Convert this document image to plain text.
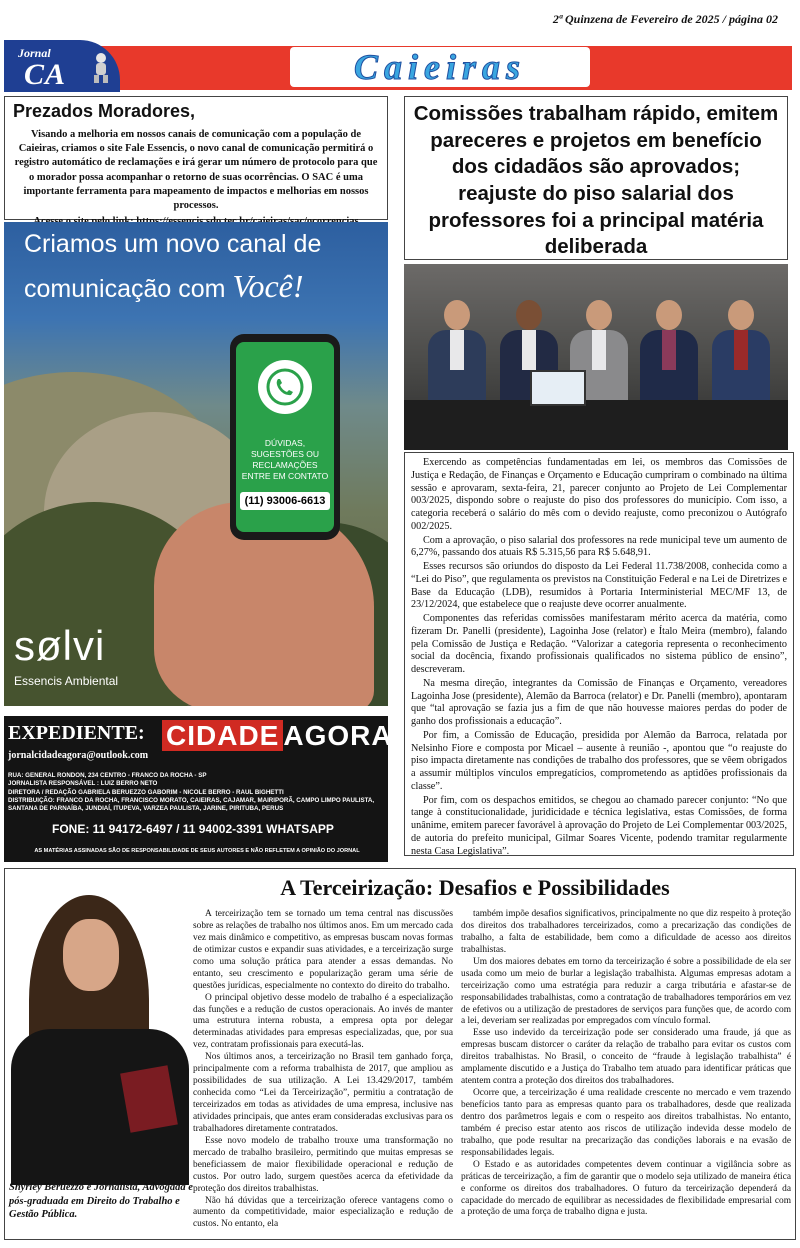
2ª Quinzena de Fevereiro de 2025 / página 02
Jornal
CA	Caieiras
Prezados Moradores,

Visando a melhoria em nossos canais de comunicação com a população de Caieiras, criamos o site Fale Essencis, o novo canal de comunicação permitirá o registro automático de reclamações e irá gerar um número de protocolo para que o morador possa acompanhar o retorno de suas ocorrências. O SAC é uma importante ferramenta para mapeamento de impactos e melhorias em nossos processos.

Criamos um novo canal de
comunicação com Você!
DÚVIDAS, SUGESTÕES OU RECLAMAÇÕES ENTRE EM CONTATO
(11) 93006-6613
sølvi
Essencis Ambiental
EXPEDIENTE:
jornalcidadeagora@outlook.com
CIDADE AGORA.
RUA: GENERAL RONDON, 234 CENTRO - FRANCO DA ROCHA - SP
JORNALISTA RESPONSÁVEL : LUIZ BERRO NETO
DIRETORA / REDAÇÃO GABRIELA BERUEZZO GABORIM - NICOLE BERRO - RAUL BIGHETTI
DISTRIBUIÇÃO: FRANCO DA ROCHA, FRANCISCO MORATO, CAIEIRAS, CAJAMAR, MAIRIPORÃ, CAMPO LIMPO PAULISTA, SANTANA DE PARNAÍBA, JUNDIAÍ, ITUPEVA, VARZEA PAULISTA, JARINE, PIRITUBA, PERUS
FONE: 11 94172-6497 / 11 94002-3391 WHATSAPP
AS MATÉRIAS ASSINADAS SÃO DE RESPONSABILIDADE DE SEUS AUTORES E NÃO REFLETEM A OPINIÃO DO JORNAL
Comissões trabalham rápido, emitem pareceres e projetos em benefício dos cidadãos são aprovados; reajuste do piso salarial dos professores foi a principal matéria deliberada

Exercendo as competências fundamentadas em lei, os membros das Comissões de Justiça e Redação, de Finanças e Orçamento e Educação cumpriram o combinado na última sessão e aprovaram, sexta-feira, 21, parecer conjunto ao Projeto de Lei Complementar 003/2025, dispondo sobre o reajuste do piso dos professores do município. Com isso, a categoria receberá o salário do mês com o devido reajuste, como preconizou o Autógrafo 002/2025.

Com a aprovação, o piso salarial dos professores na rede municipal teve um aumento de 6,27%, passando dos atuais R$ 5.315,56 para R$ 5.648,91.

Esses recursos são oriundos do disposto da Lei Federal 11.738/2008, conhecida como a “Lei do Piso”, que regulamenta os previstos na Constituição Federal e na Lei de Diretrizes e Base da Educação (LDB), resumidos à Portaria Interministerial MEC/MF 13, de 23/12/2024, que estabelece que o reajuste deve ocorrer anualmente.

Componentes das referidas comissões manifestaram mérito acerca da matéria, como fizeram Dr. Panelli (presidente), Lagoinha Jose (relator) e Ítalo Meira (membro), falando pela Comissão de Justiça e Redação. “Valorizar a categoria representa o reconhecimento social da docência, fixando profissionais qualificados no sistema público de ensino”, descreveram.

Na mesma direção, integrantes da Comissão de Finanças e Orçamento, vereadores Lagoinha Jose (presidente), Alemão da Barroca (relator) e Dr. Panelli (membro), apontaram que “tal aprovação se fazia jus a fim de que não houvesse maiores perdas do poder de ganho dos profissionais a educação”.

Por fim, a Comissão de Educação, presidida por Alemão da Barroca, relatada por Nelsinho Fiore e composta por Micael – ausente à reunião -, apontou que “o reajuste do piso impacta diretamente nas condições de trabalho dos professores, que se vêem obrigados a assumir múltiplos vínculos empregatícios, comprometendo as aptidões profissionais da classe”.

Por fim, com os despachos emitidos, se chegou ao chamado parecer conjunto: “No que tange à constitucionalidade, juridicidade e técnica legislativa, estas Comissões, de forma unânime, emitem parecer favorável à aprovação do Projeto de Lei Complementar 003/2025, de autoria do prefeito municipal, Gilmar Soares Vicente, podendo tramitar regularmente nesta Casa Legislativa”.

A Terceirização: Desafios e Possibilidades
Shyrley Beruezzo é Jornalista, Advogada e pós-graduada em Direito do Trabalho e Gestão Pública.

A terceirização tem se tornado um tema central nas discussões sobre as relações de trabalho nos últimos anos. Em um mercado cada vez mais dinâmico e competitivo, as empresas buscam novas formas de otimizar custos e expandir suas atividades, e a terceirização surge como uma solução prática para atender a essas demandas. No entanto, seu crescimento e popularização geram uma série de questões jurídicas, especialmente no contexto do direito do trabalho.

O principal objetivo desse modelo de trabalho é a especialização das funções e a redução de custos operacionais. Ao invés de manter uma estrutura interna robusta, a empresa opta por delegar determinadas atividades para empresas especializadas, que, por sua vez, contratam profissionais para executá-las.

Nos últimos anos, a terceirização no Brasil tem ganhado força, principalmente com a reforma trabalhista de 2017, que ampliou as possibilidades de sua utilização. A Lei 13.429/2017, também conhecida como “Lei da Terceirização”, permitiu a contratação de terceirizados em todas as atividades de uma empresa, inclusive nas atividades principais, que antes eram consideradas exclusivas para os trabalhadores diretamente contratados.

Esse novo modelo de trabalho trouxe uma transformação no mercado de trabalho brasileiro, permitindo que muitas empresas se beneficiassem de maior flexibilidade operacional e redução de custos. Por outro lado, surgem questões acerca da efetividade da proteção dos direitos trabalhistas.

Não há dúvidas que a terceirização oferece vantagens como o aumento da competitividade, maior especialização e redução de custos. No entanto, ela

também impõe desafios significativos, principalmente no que diz respeito à proteção dos direitos dos trabalhadores terceirizados, como a precarização das condições de trabalho, a falta de estabilidade, bem como a dificuldade de acesso aos direitos trabalhistas.

Um dos maiores debates em torno da terceirização é sobre a possibilidade de ela ser usada como um meio de burlar a legislação trabalhista. Algumas empresas adotam a terceirização como uma estratégia para reduzir a carga tributária e afastar-se de responsabilidades trabalhistas, como a contratação de trabalhadores temporários em vez de efetivos ou a utilização de prestadores de serviços para funções que, de acordo com a lei, deveriam ser realizadas por empregados com vínculo formal.

Esse uso indevido da terceirização pode ser considerado uma fraude, já que as empresas buscam distorcer o caráter da relação de trabalho para evitar os custos com direitos trabalhistas. No Brasil, o conceito de “fraude à legislação trabalhista” é amplamente discutido e a Justiça do Trabalho tem atuado para identificar práticas que atentem contra a proteção dos direitos dos trabalhadores.

Ocorre que, a terceirização é uma realidade crescente no mercado e vem trazendo benefícios tanto para as empresas quanto para os trabalhadores, desde que realizada dentro dos parâmetros legais e com o respeito aos direitos trabalhistas. No entanto, também é preciso estar atento aos riscos de utilização indevida desse modelo de trabalho, que pode resultar na precarização das condições laborais e na evasão de responsabilidades legais.

O Estado e as autoridades competentes devem continuar a vigilância sobre as práticas de terceirização, a fim de garantir que o modelo seja utilizado de maneira ética e conforme os direitos dos trabalhadores. O futuro da terceirização dependerá da capacidade do mercado de equilibrar as necessidades de flexibilidade empresarial com a proteção de uma força de trabalho digna e justa.
